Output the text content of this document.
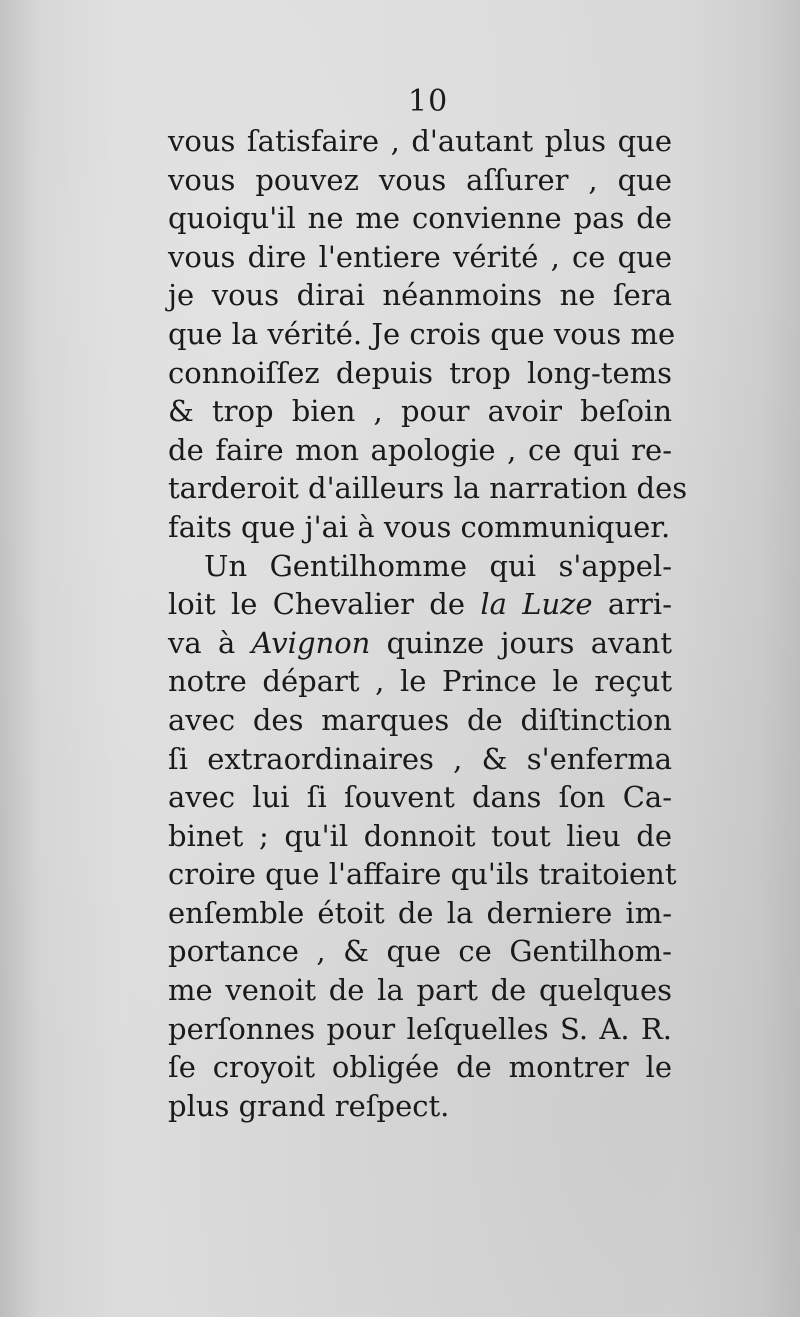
10
vous ſatisfaire , d'autant plus que
vous pouvez vous aſſurer , que
quoiqu'il ne me convienne pas de
vous dire l'entiere vérité , ce que
je vous dirai néanmoins ne ſera
que la vérité. Je crois que vous me
connoiſſez depuis trop long-tems
& trop bien , pour avoir beſoin
de faire mon apologie , ce qui re-
tarderoit d'ailleurs la narration des
faits que j'ai à vous communiquer.
Un Gentilhomme qui s'appel-
loit le Chevalier de la Luze arri-
va à Avignon quinze jours avant
notre départ , le Prince le reçut
avec des marques de diſtinction
ſi extraordinaires , & s'enferma
avec lui ſi ſouvent dans ſon Ca-
binet ; qu'il donnoit tout lieu de
croire que l'affaire qu'ils traitoient
enſemble étoit de la derniere im-
portance , & que ce Gentilhom-
me venoit de la part de quelques
perſonnes pour leſquelles S. A. R.
ſe croyoit obligée de montrer le
plus grand reſpect.
